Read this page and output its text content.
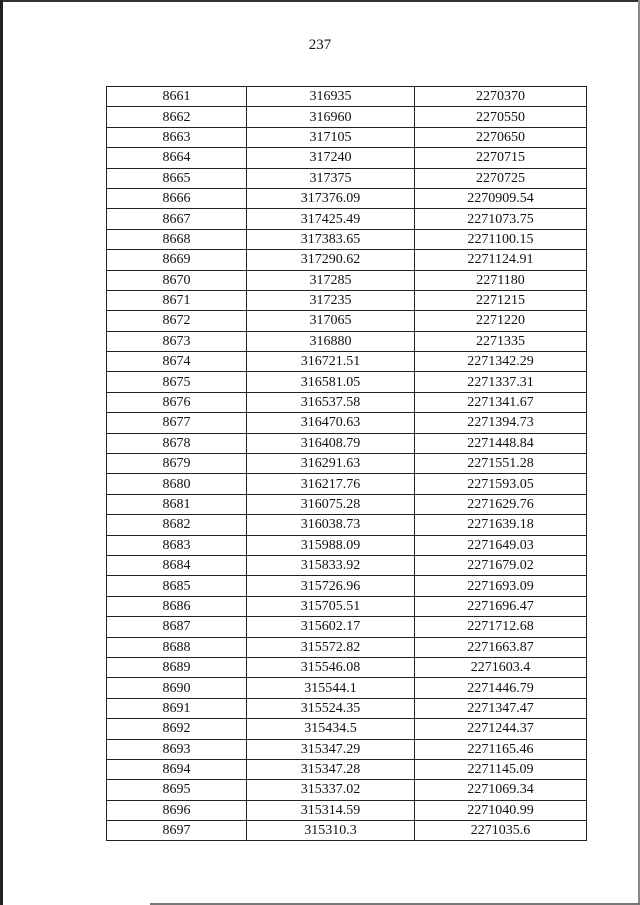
237
8661	316935	2270370
8662	316960	2270550
8663	317105	2270650
8664	317240	2270715
8665	317375	2270725
8666	317376.09	2270909.54
8667	317425.49	2271073.75
8668	317383.65	2271100.15
8669	317290.62	2271124.91
8670	317285	2271180
8671	317235	2271215
8672	317065	2271220
8673	316880	2271335
8674	316721.51	2271342.29
8675	316581.05	2271337.31
8676	316537.58	2271341.67
8677	316470.63	2271394.73
8678	316408.79	2271448.84
8679	316291.63	2271551.28
8680	316217.76	2271593.05
8681	316075.28	2271629.76
8682	316038.73	2271639.18
8683	315988.09	2271649.03
8684	315833.92	2271679.02
8685	315726.96	2271693.09
8686	315705.51	2271696.47
8687	315602.17	2271712.68
8688	315572.82	2271663.87
8689	315546.08	2271603.4
8690	315544.1	2271446.79
8691	315524.35	2271347.47
8692	315434.5	2271244.37
8693	315347.29	2271165.46
8694	315347.28	2271145.09
8695	315337.02	2271069.34
8696	315314.59	2271040.99
8697	315310.3	2271035.6
